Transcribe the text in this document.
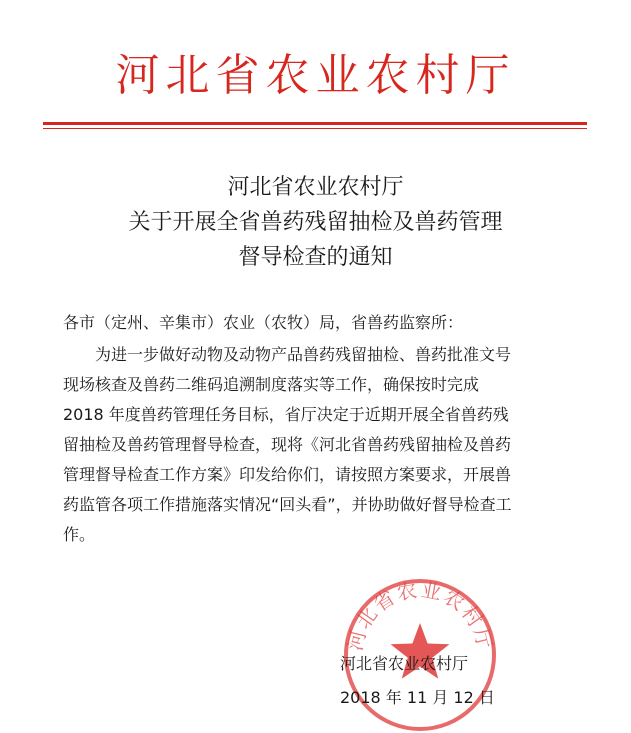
河北省农业农村厅
河北省农业农村厅
关于开展全省兽药残留抽检及兽药管理
督导检查的通知
各市（定州、辛集市）农业（农牧）局，省兽药监察所：
为进一步做好动物及动物产品兽药残留抽检、兽药批准文号
现场核查及兽药二维码追溯制度落实等工作，确保按时完成
2018 年度兽药管理任务目标，省厅决定于近期开展全省兽药残
留抽检及兽药管理督导检查，现将《河北省兽药残留抽检及兽药
管理督导检查工作方案》印发给你们，请按照方案要求，开展兽
药监管各项工作措施落实情况“回头看”，并协助做好督导检查工
作。
河北省农业农村厅
河北省农业农村厅
2018 年 11 月 12 日
